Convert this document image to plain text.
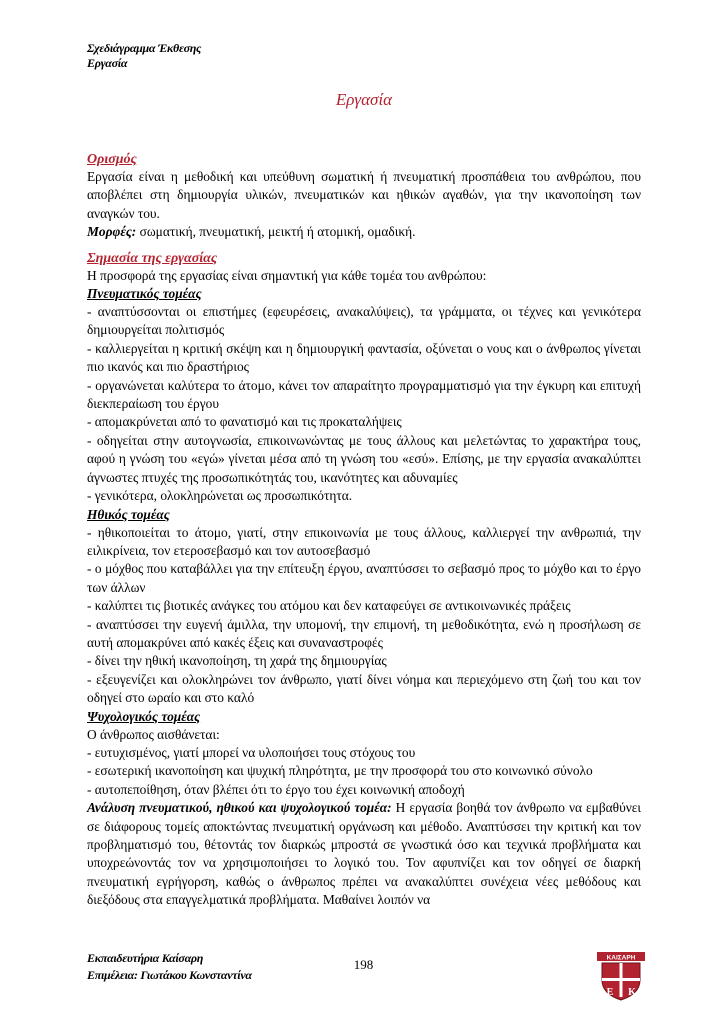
Σχεδιάγραμμα Έκθεσης
Εργασία
Εργασία
Ορισμός

Εργασία είναι η μεθοδική και υπεύθυνη σωματική ή πνευματική προσπάθεια του ανθρώπου, που αποβλέπει στη δημιουργία υλικών, πνευματικών και ηθικών αγαθών, για την ικανοποίηση των αναγκών του.

Μορφές: σωματική, πνευματική, μεικτή ή ατομική, ομαδική.

Σημασία της εργασίας

Η προσφορά της εργασίας είναι σημαντική για κάθε τομέα του ανθρώπου:

Πνευματικός τομέας

- αναπτύσσονται οι επιστήμες (εφευρέσεις, ανακαλύψεις), τα γράμματα, οι τέχνες και γενικότερα δημιουργείται πολιτισμός

- καλλιεργείται η κριτική σκέψη και η δημιουργική φαντασία, οξύνεται ο νους και ο άνθρωπος γίνεται πιο ικανός και πιο δραστήριος

- οργανώνεται καλύτερα το άτομο, κάνει τον απαραίτητο προγραμματισμό για την έγκυρη και επιτυχή διεκπεραίωση του έργου

- απομακρύνεται από το φανατισμό και τις προκαταλήψεις

- οδηγείται στην αυτογνωσία, επικοινωνώντας με τους άλλους και μελετώντας το χαρακτήρα τους, αφού η γνώση του «εγώ» γίνεται μέσα από τη γνώση του «εσύ». Επίσης, με την εργασία ανακαλύπτει άγνωστες πτυχές της προσωπικότητάς του, ικανότητες και αδυναμίες

- γενικότερα, ολοκληρώνεται ως προσωπικότητα.

Ηθικός τομέας

- ηθικοποιείται το άτομο, γιατί, στην επικοινωνία με τους άλλους, καλλιεργεί την ανθρωπιά, την ειλικρίνεια, τον ετεροσεβασμό και τον αυτοσεβασμό

- ο μόχθος που καταβάλλει για την επίτευξη έργου, αναπτύσσει το σεβασμό προς το μόχθο και το έργο των άλλων

- καλύπτει τις βιοτικές ανάγκες του ατόμου και δεν καταφεύγει σε αντικοινωνικές πράξεις

- αναπτύσσει την ευγενή άμιλλα, την υπομονή, την επιμονή, τη μεθοδικότητα, ενώ η προσήλωση σε αυτή απομακρύνει από κακές έξεις και συναναστροφές

- δίνει την ηθική ικανοποίηση, τη χαρά της δημιουργίας

- εξευγενίζει και ολοκληρώνει τον άνθρωπο, γιατί δίνει νόημα και περιεχόμενο στη ζωή του και τον οδηγεί στο ωραίο και στο καλό

Ψυχολογικός τομέας

Ο άνθρωπος αισθάνεται:

- ευτυχισμένος, γιατί μπορεί να υλοποιήσει τους στόχους του

- εσωτερική ικανοποίηση και ψυχική πληρότητα, με την προσφορά του στο κοινωνικό σύνολο

- αυτοπεποίθηση, όταν βλέπει ότι το έργο του έχει κοινωνική αποδοχή

Ανάλυση πνευματικού, ηθικού και ψυχολογικού τομέα: Η εργασία βοηθά τον άνθρωπο να εμβαθύνει σε διάφορους τομείς αποκτώντας πνευματική οργάνωση και μέθοδο. Αναπτύσσει την κριτική και τον προβληματισμό του, θέτοντάς τον διαρκώς μπροστά σε γνωστικά όσο και τεχνικά προβλήματα και υποχρεώνοντάς τον να χρησιμοποιήσει το λογικό του. Τον αφυπνίζει και τον οδηγεί σε διαρκή πνευματική εγρήγορση, καθώς ο άνθρωπος πρέπει να ανακαλύπτει συνέχεια νέες μεθόδους και διεξόδους στα επαγγελματικά προβλήματα. Μαθαίνει λοιπόν να

Εκπαιδευτήρια Καίσαρη
Επιμέλεια: Γιωτάκου Κωνσταντίνα
198	ΚΑΙΣΑΡΗ
Ε Κ
